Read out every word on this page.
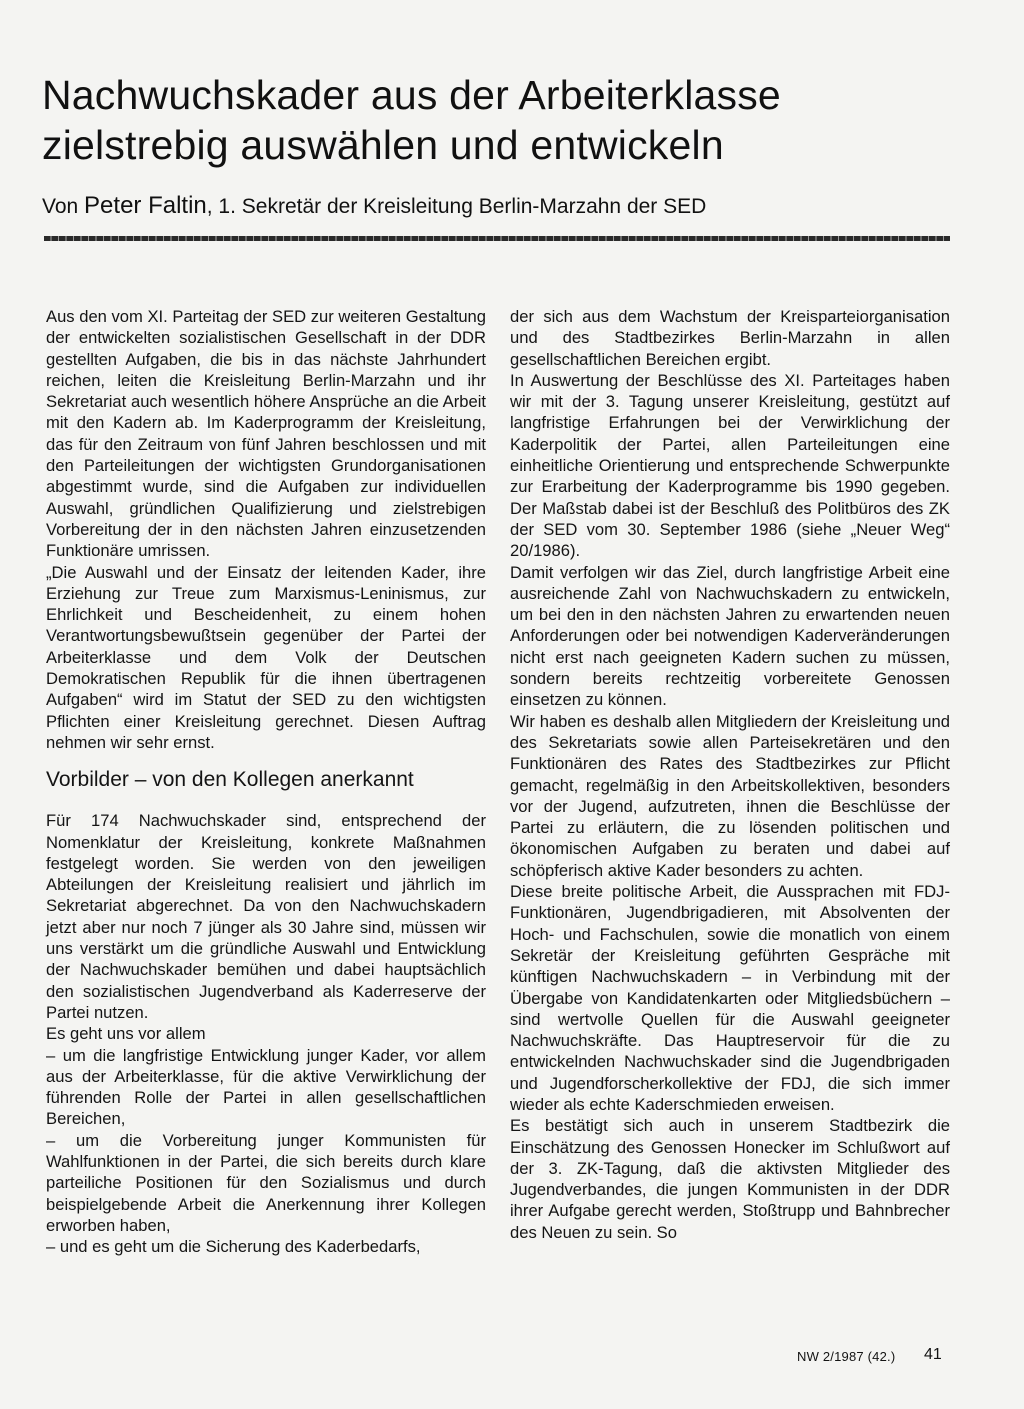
Nachwuchskader aus der Arbeiterklasse
zielstrebig auswählen und entwickeln

Von Peter Faltin, 1. Sekretär der Kreisleitung Berlin-Marzahn der SED

Aus den vom XI. Parteitag der SED zur weiteren Gestaltung der entwickelten sozialistischen Gesellschaft in der DDR gestellten Aufgaben, die bis in das nächste Jahrhundert reichen, leiten die Kreisleitung Berlin-Marzahn und ihr Sekretariat auch wesentlich höhere Ansprüche an die Arbeit mit den Kadern ab. Im Kaderprogramm der Kreisleitung, das für den Zeitraum von fünf Jahren beschlossen und mit den Parteileitungen der wichtigsten Grundorganisationen abgestimmt wurde, sind die Aufgaben zur individuellen Auswahl, gründlichen Qualifizierung und zielstrebigen Vorbereitung der in den nächsten Jahren einzusetzenden Funktionäre umrissen.

„Die Auswahl und der Einsatz der leitenden Kader, ihre Erziehung zur Treue zum Marxismus-Leninismus, zur Ehrlichkeit und Bescheidenheit, zu einem hohen Verantwortungsbewußtsein gegenüber der Partei der Arbeiterklasse und dem Volk der Deutschen Demokratischen Republik für die ihnen übertragenen Aufgaben“ wird im Statut der SED zu den wichtigsten Pflichten einer Kreisleitung gerechnet. Diesen Auftrag nehmen wir sehr ernst.

Vorbilder – von den Kollegen anerkannt

Für 174 Nachwuchskader sind, entsprechend der Nomenklatur der Kreisleitung, konkrete Maßnahmen festgelegt worden. Sie werden von den jeweiligen Abteilungen der Kreisleitung realisiert und jährlich im Sekretariat abgerechnet. Da von den Nachwuchskadern jetzt aber nur noch 7 jünger als 30 Jahre sind, müssen wir uns verstärkt um die gründliche Auswahl und Entwicklung der Nachwuchskader bemühen und dabei hauptsächlich den sozialistischen Jugendverband als Kaderreserve der Partei nutzen.

Es geht uns vor allem

– um die langfristige Entwicklung junger Kader, vor allem aus der Arbeiterklasse, für die aktive Verwirklichung der führenden Rolle der Partei in allen gesellschaftlichen Bereichen,

– um die Vorbereitung junger Kommunisten für Wahlfunktionen in der Partei, die sich bereits durch klare parteiliche Positionen für den Sozialismus und durch beispielgebende Arbeit die Anerkennung ihrer Kollegen erworben haben,

– und es geht um die Sicherung des Kaderbedarfs,

der sich aus dem Wachstum der Kreisparteiorganisation und des Stadtbezirkes Berlin-Marzahn in allen gesellschaftlichen Bereichen ergibt.

In Auswertung der Beschlüsse des XI. Parteitages haben wir mit der 3. Tagung unserer Kreisleitung, gestützt auf langfristige Erfahrungen bei der Verwirklichung der Kaderpolitik der Partei, allen Parteileitungen eine einheitliche Orientierung und entsprechende Schwerpunkte zur Erarbeitung der Kaderprogramme bis 1990 gegeben. Der Maßstab dabei ist der Beschluß des Politbüros des ZK der SED vom 30. September 1986 (siehe „Neuer Weg“ 20/1986).

Damit verfolgen wir das Ziel, durch langfristige Arbeit eine ausreichende Zahl von Nachwuchskadern zu entwickeln, um bei den in den nächsten Jahren zu erwartenden neuen Anforderungen oder bei notwendigen Kaderveränderungen nicht erst nach geeigneten Kadern suchen zu müssen, sondern bereits rechtzeitig vorbereitete Genossen einsetzen zu können.

Wir haben es deshalb allen Mitgliedern der Kreisleitung und des Sekretariats sowie allen Parteisekretären und den Funktionären des Rates des Stadtbezirkes zur Pflicht gemacht, regelmäßig in den Arbeitskollektiven, besonders vor der Jugend, aufzutreten, ihnen die Beschlüsse der Partei zu erläutern, die zu lösenden politischen und ökonomischen Aufgaben zu beraten und dabei auf schöpferisch aktive Kader besonders zu achten.

Diese breite politische Arbeit, die Aussprachen mit FDJ-Funktionären, Jugendbrigadieren, mit Absolventen der Hoch- und Fachschulen, sowie die monatlich von einem Sekretär der Kreisleitung geführten Gespräche mit künftigen Nachwuchskadern – in Verbindung mit der Übergabe von Kandidatenkarten oder Mitgliedsbüchern – sind wertvolle Quellen für die Auswahl geeigneter Nachwuchskräfte. Das Hauptreservoir für die zu entwickelnden Nachwuchskader sind die Jugendbrigaden und Jugendforscherkollektive der FDJ, die sich immer wieder als echte Kaderschmieden erweisen.

Es bestätigt sich auch in unserem Stadtbezirk die Einschätzung des Genossen Honecker im Schlußwort auf der 3. ZK-Tagung, daß die aktivsten Mitglieder des Jugendverbandes, die jungen Kommunisten in der DDR ihrer Aufgabe gerecht werden, Stoßtrupp und Bahnbrecher des Neuen zu sein. So

NW 2/1987 (42.) 41
